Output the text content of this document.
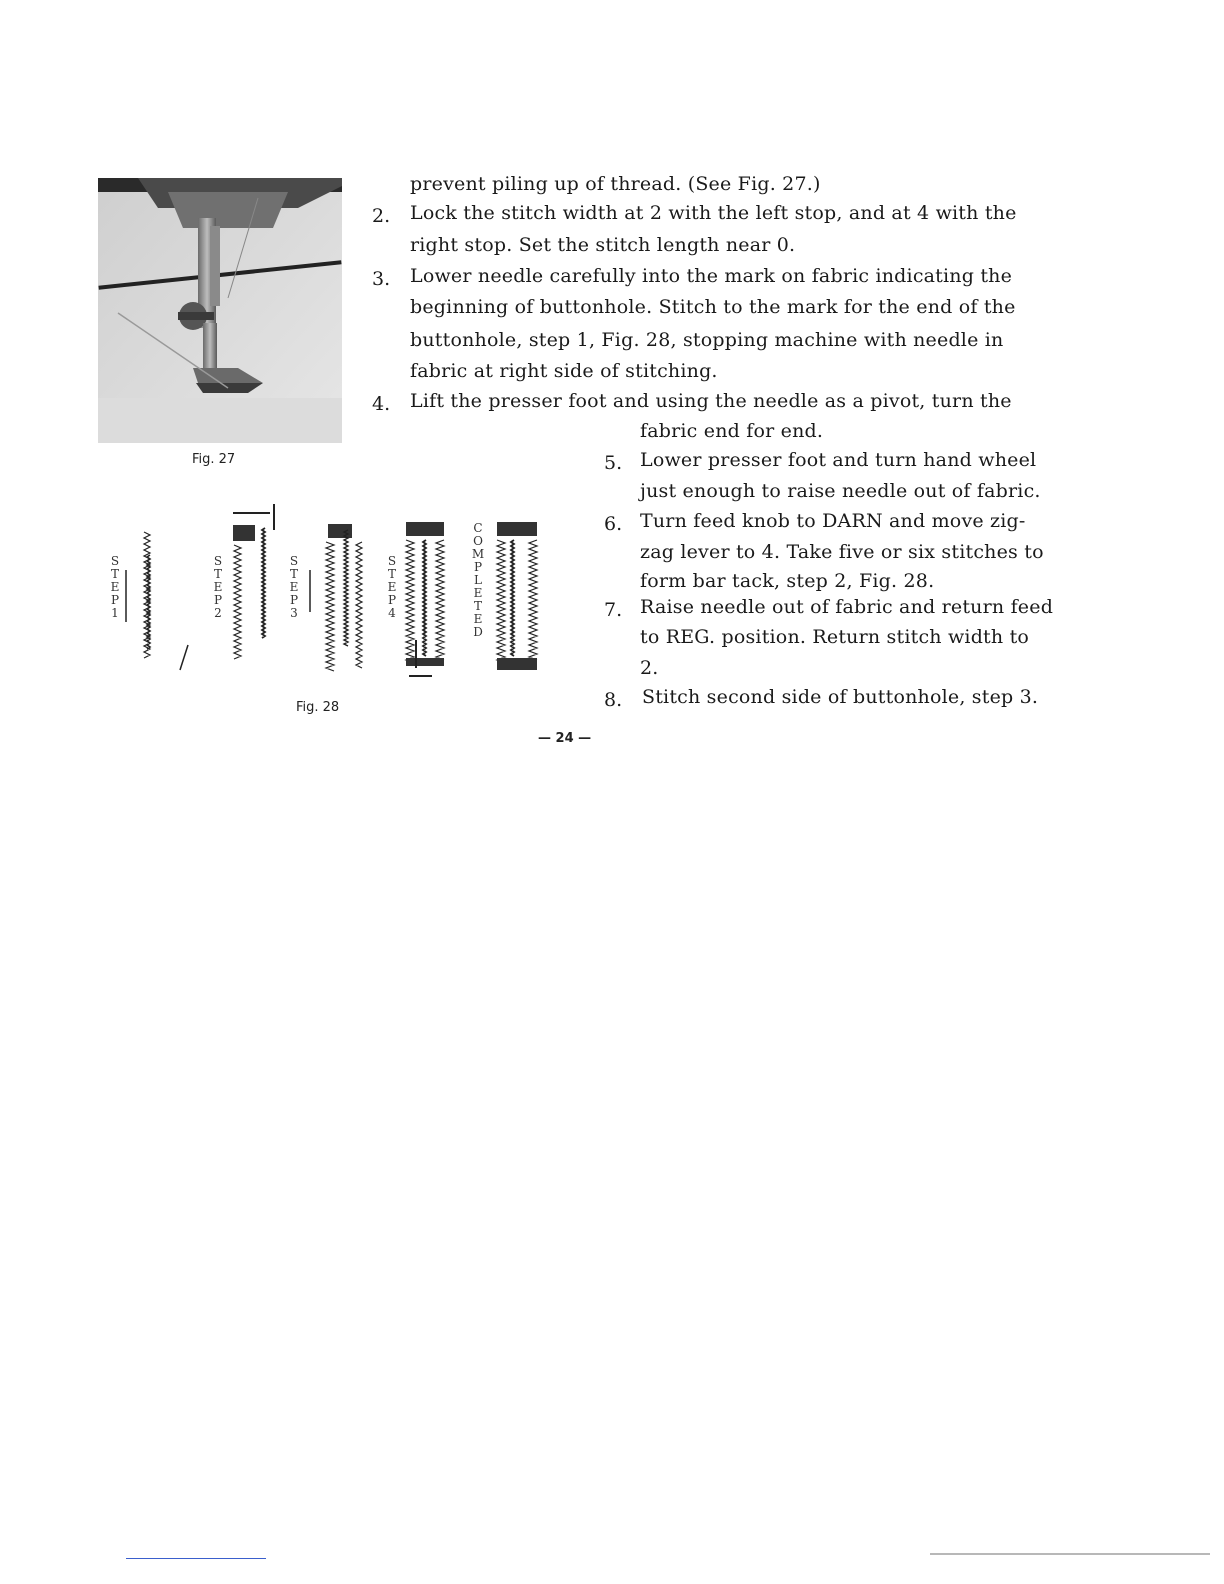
Fig. 27
S
T
E
P
1
S
T
E
P
2
S
T
E
P
3
S
T
E
P
4
C
O
M
P
L
E
T
E
D
Fig. 28
prevent piling up of thread. (See Fig. 27.)
2. Lock the stitch width at 2 with the left stop, and at 4 with the
right stop. Set the stitch length near 0.
3. Lower needle carefully into the mark on fabric indicating the
beginning of buttonhole. Stitch to the mark for the end of the
buttonhole, step 1, Fig. 28, stopping machine with needle in
fabric at right side of stitching.
4. Lift the presser foot and using the needle as a pivot, turn the
fabric end for end.
5. Lower presser foot and turn hand wheel
just enough to raise needle out of fabric.
6. Turn feed knob to DARN and move zig-
zag lever to 4. Take five or six stitches to
form bar tack, step 2, Fig. 28.
7. Raise needle out of fabric and return feed
to REG. position. Return stitch width to
2.
8. Stitch second side of buttonhole, step 3.
— 24 —
